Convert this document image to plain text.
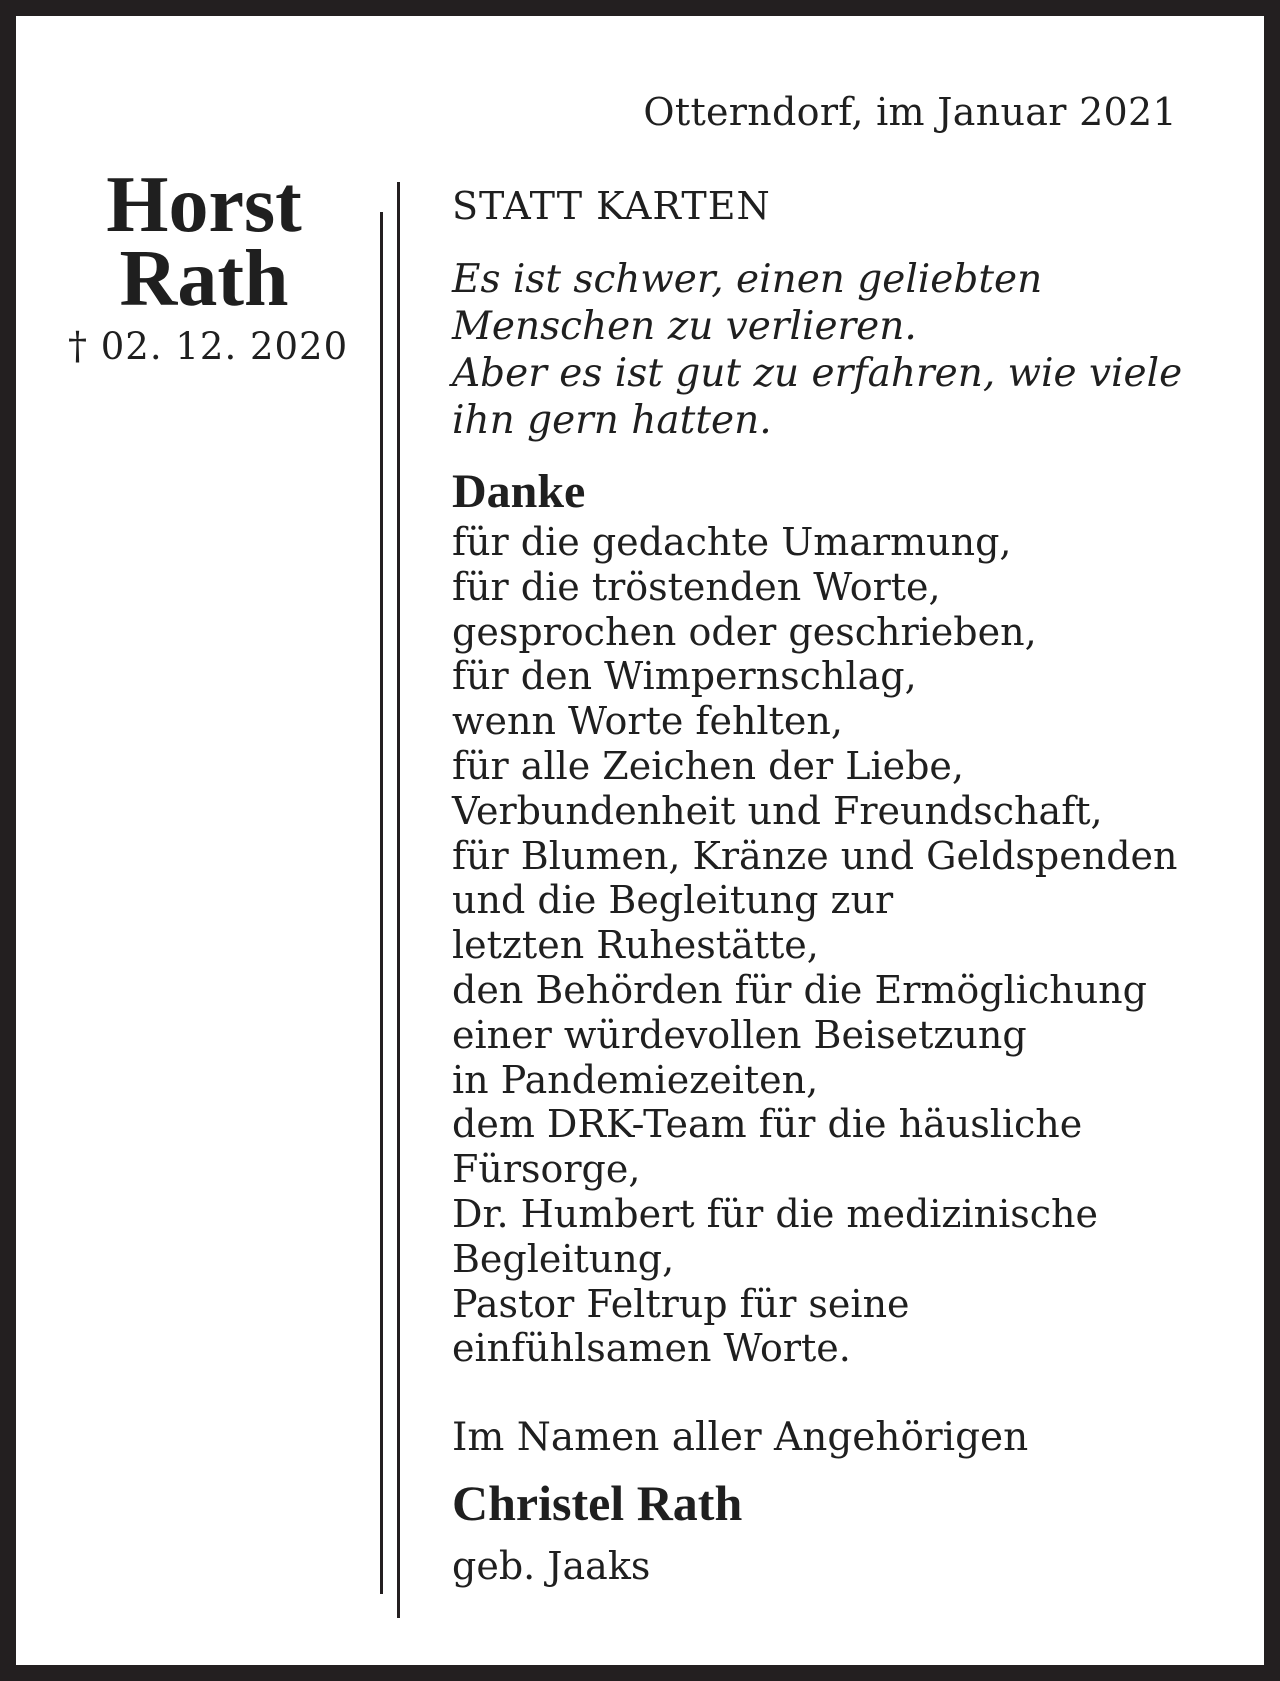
Otterndorf, im Januar 2021
Horst
Rath
† 02. 12. 2020
STATT KARTEN
Es ist schwer, einen geliebten
Menschen zu verlieren.
Aber es ist gut zu erfahren, wie viele
ihn gern hatten.
Danke
für die gedachte Umarmung,
für die tröstenden Worte,
gesprochen oder geschrieben,
für den Wimpernschlag,
wenn Worte fehlten,
für alle Zeichen der Liebe,
Verbundenheit und Freundschaft,
für Blumen, Kränze und Geldspenden
und die Begleitung zur
letzten Ruhestätte,
den Behörden für die Ermöglichung
einer würdevollen Beisetzung
in Pandemiezeiten,
dem DRK-Team für die häusliche
Fürsorge,
Dr. Humbert für die medizinische
Begleitung,
Pastor Feltrup für seine
einfühlsamen Worte.
Im Namen aller Angehörigen
Christel Rath
geb. Jaaks
